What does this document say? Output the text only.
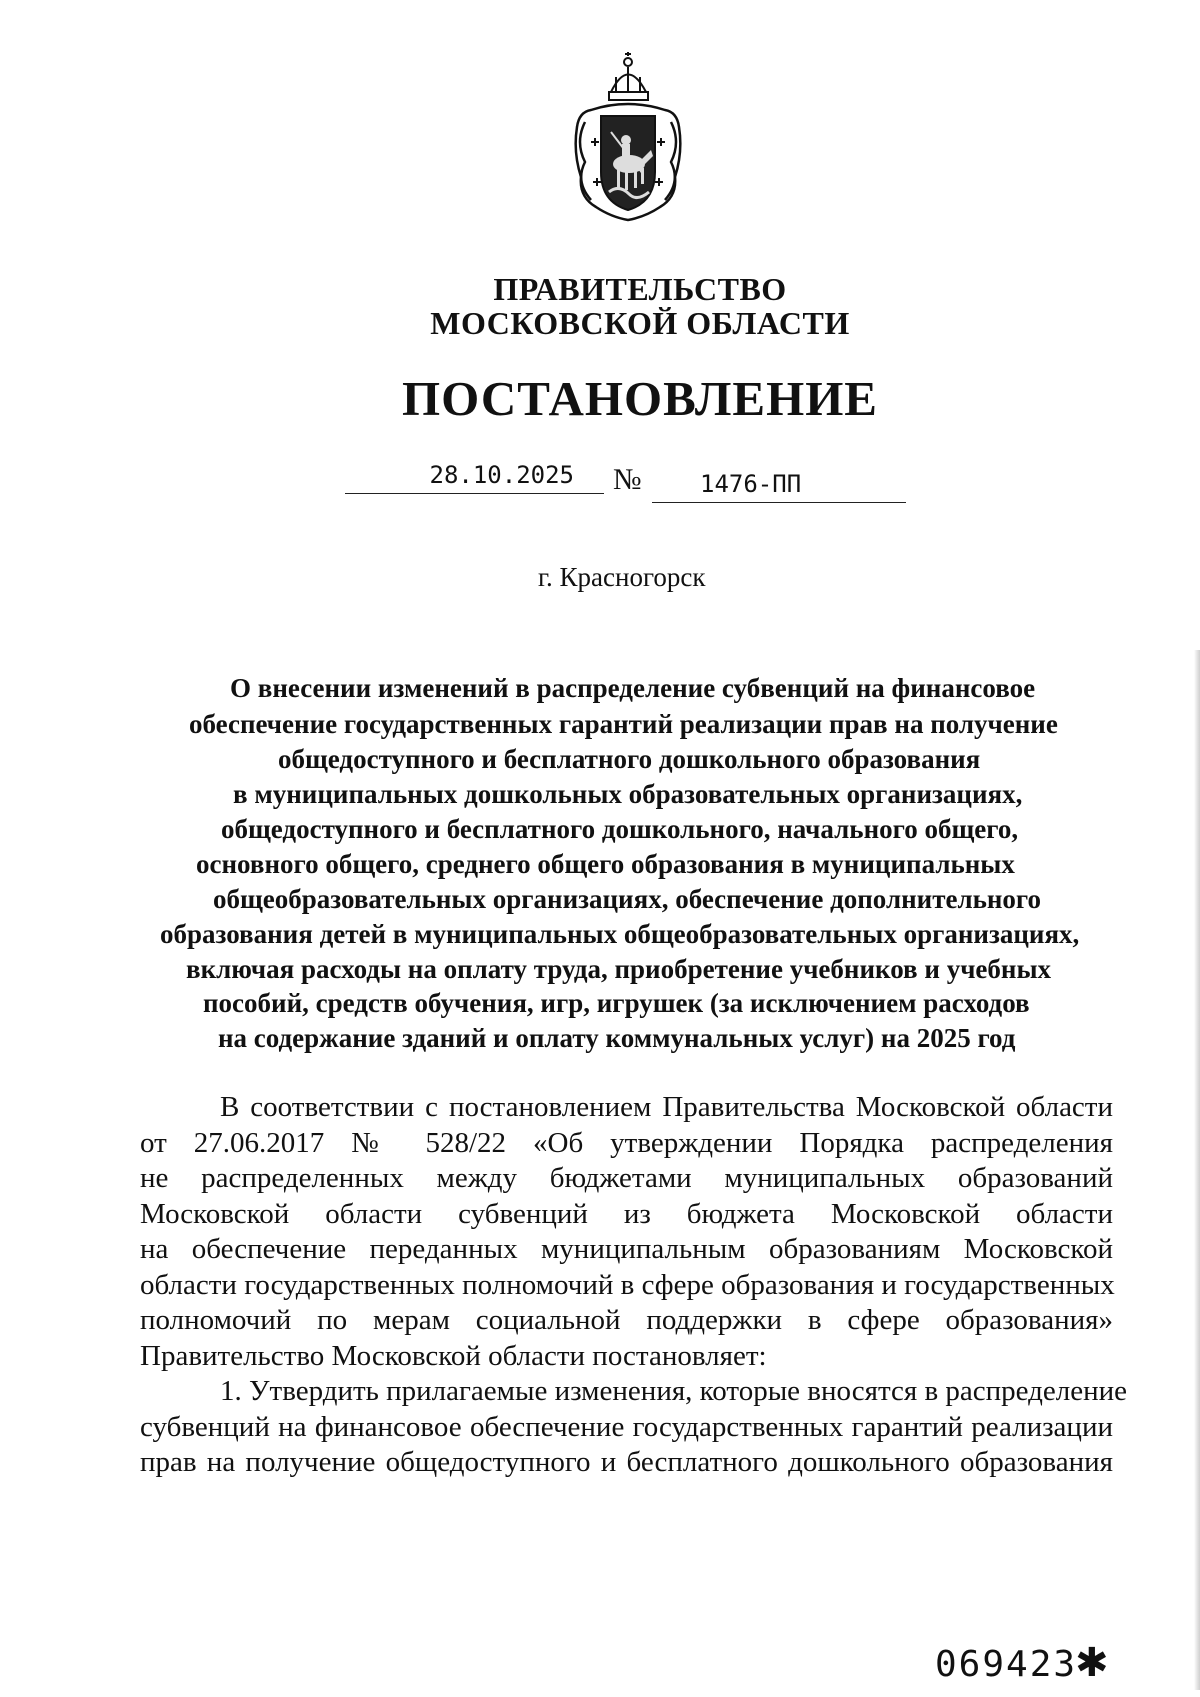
ПРАВИТЕЛЬСТВО
МОСКОВСКОЙ ОБЛАСТИ
ПОСТАНОВЛЕНИЕ
28.10.2025	№	1476-ПП
г. Красногорск
О внесении изменений в распределение субвенций на финансовое
обеспечение государственных гарантий реализации прав на получение
общедоступного и бесплатного дошкольного образования
в муниципальных дошкольных образовательных организациях,
общедоступного и бесплатного дошкольного, начального общего,
основного общего, среднего общего образования в муниципальных
общеобразовательных организациях, обеспечение дополнительного
образования детей в муниципальных общеобразовательных организациях,
включая расходы на оплату труда, приобретение учебников и учебных
пособий, средств обучения, игр, игрушек (за исключением расходов
на содержание зданий и оплату коммунальных услуг) на 2025 год
В соответствии с постановлением Правительства Московской области
от 27.06.2017 № 528/22 «Об утверждении Порядка распределения
не распределенных между бюджетами муниципальных образований
Московской области субвенций из бюджета Московской области
на обеспечение переданных муниципальным образованиям Московской
области государственных полномочий в сфере образования и государственных
полномочий по мерам социальной поддержки в сфере образования»
Правительство Московской области постановляет:
1. Утвердить прилагаемые изменения, которые вносятся в распределение
субвенций на финансовое обеспечение государственных гарантий реализации
прав на получение общедоступного и бесплатного дошкольного образования
069423
✱
